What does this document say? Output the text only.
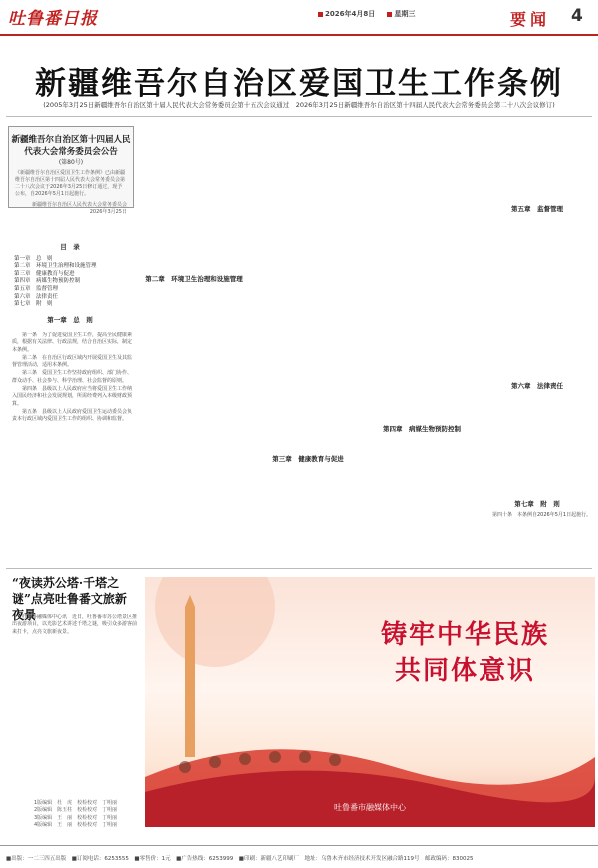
吐鲁番日报	2026年4月8日	星期三	要闻 4
新疆维吾尔自治区爱国卫生工作条例
(2005年3月25日新疆维吾尔自治区第十届人民代表大会常务委员会第十五次会议通过　2026年3月25日新疆维吾尔自治区第十四届人民代表大会常务委员会第二十八次会议修订)
新疆维吾尔自治区第十四届人民代表大会常务委员会公告
(第80号)
《新疆维吾尔自治区爱国卫生工作条例》已由新疆维吾尔自治区第十四届人民代表大会常务委员会第二十八次会议于2026年3月25日修订通过，现予公布，自2026年5月1日起施行。
新疆维吾尔自治区人民代表大会常务委员会
2026年3月25日
目　录
第一章　总　则
第二章　环境卫生治理和设施管理
第三章　健康教育与促进
第四章　病媒生物预防控制
第五章　监督管理
第六章　法律责任
第七章　附　则
第一章　总　则

第一条　为了促进爱国卫生工作，提高全民健康素质，根据有关法律、行政法规，结合自治区实际，制定本条例。

第二条　在自治区行政区域内开展爱国卫生及其监督管理活动，适用本条例。

第三条　爱国卫生工作坚持政府组织、部门协作、群众动手、社会参与、科学治理、社会监督的原则。

第四条　县级以上人民政府应当将爱国卫生工作纳入国民经济和社会发展规划，所需经费列入本级财政预算。

第五条　县级以上人民政府爱国卫生运动委员会负责本行政区域内爱国卫生工作的组织、协调和监督。

第二章　环境卫生治理和设施管理
第三章　健康教育与促进
第四章　病媒生物预防控制
第五章　监督管理
第六章　法律责任
第七章　附　则

第四十条　本条例自2026年5月1日起施行。

“夜读苏公塔·千塔之谜”点亮吐鲁番文旅新夜景

吐鲁番融媒体中心讯　近日，吐鲁番市苏公塔景区推出夜游项目，以光影艺术讲述千塔之谜，吸引众多游客前来打卡，点亮文旅新夜景。

1版编辑　杜　虎　校检校对　丁明丽
2版编辑　陈玉柱　校检校对　丁明丽
3版编辑　王　丽　校检校对　丁明丽
4版编辑　王　丽　校检校对　丁明丽
铸牢中华民族
共同体意识
吐鲁番市融媒体中心
■出版：一二三四五出版　■订阅电话：6253555　■零售价：1元　■广告热线：6253999　■印刷：新疆八艺印刷厂　地址：乌鲁木齐市经济技术开发区融合路119号　邮政编码：830025
